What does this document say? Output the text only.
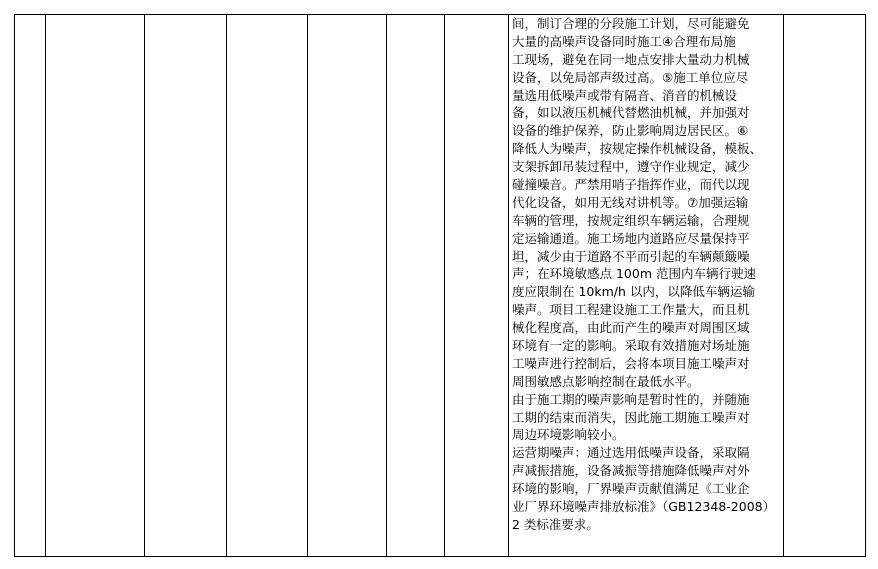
间，制订合理的分段施工计划，尽可能避免
大量的高噪声设备同时施工④合理布局施
工现场，避免在同一地点安排大量动力机械
设备，以免局部声级过高。⑤施工单位应尽
量选用低噪声或带有隔音、消音的机械设
备，如以液压机械代替燃油机械，并加强对
设备的维护保养，防止影响周边居民区。⑥
降低人为噪声，按规定操作机械设备，模板、
支架拆卸吊装过程中，遵守作业规定，减少
碰撞噪音。严禁用哨子指挥作业，而代以现
代化设备，如用无线对讲机等。⑦加强运输
车辆的管理，按规定组织车辆运输，合理规
定运输通道。施工场地内道路应尽量保持平
坦，减少由于道路不平而引起的车辆颠簸噪
声；在环境敏感点 100m 范围内车辆行驶速
度应限制在 10km/h 以内，以降低车辆运输
噪声。项目工程建设施工工作量大，而且机
械化程度高，由此而产生的噪声对周围区域
环境有一定的影响。采取有效措施对场址施
工噪声进行控制后，会将本项目施工噪声对
周围敏感点影响控制在最低水平。
由于施工期的噪声影响是暂时性的，并随施
工期的结束而消失，因此施工期施工噪声对
周边环境影响较小。
运营期噪声：通过选用低噪声设备，采取隔
声减振措施，设备减振等措施降低噪声对外
环境的影响，厂界噪声贡献值满足《工业企
业厂界环境噪声排放标准》（GB12348-2008）
2 类标准要求。
